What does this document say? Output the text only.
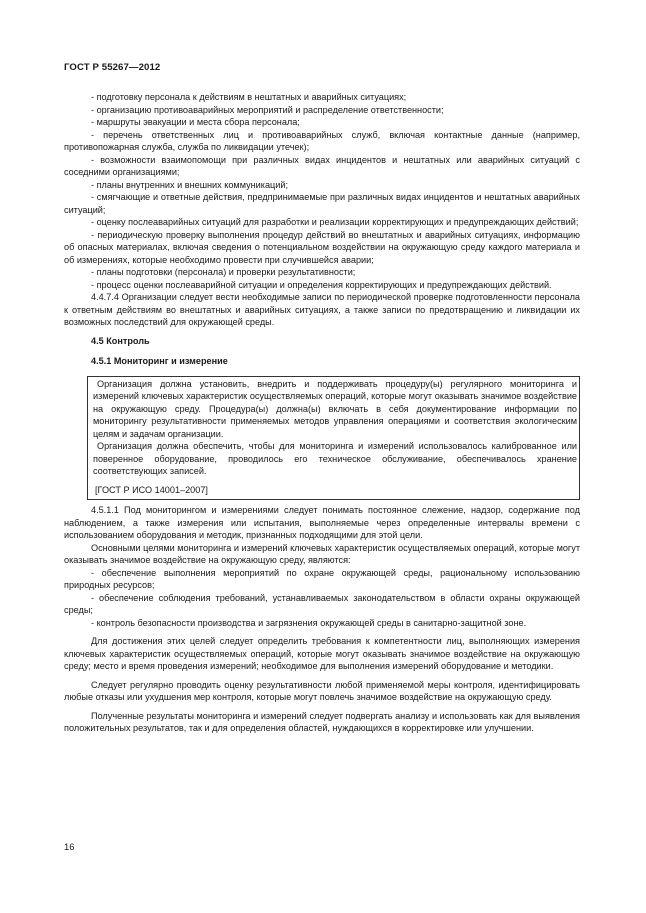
ГОСТ Р 55267—2012

- подготовку персонала к действиям в нештатных и аварийных ситуациях;

- организацию противоаварийных мероприятий и распределение ответственности;

- маршруты эвакуации и места сбора персонала;

- перечень ответственных лиц и противоаварийных служб, включая контактные данные (например, противопожарная служба, служба по ликвидации утечек);

- возможности взаимопомощи при различных видах инцидентов и нештатных или аварийных ситуаций с соседними организациями;

- планы внутренних и внешних коммуникаций;

- смягчающие и ответные действия, предпринимаемые при различных видах инцидентов и нештатных аварийных ситуаций;

- оценку послеаварийных ситуаций для разработки и реализации корректирующих и предупреждающих действий;

- периодическую проверку выполнения процедур действий во внештатных и аварийных ситуациях, информацию об опасных материалах, включая сведения о потенциальном воздействии на окружающую среду каждого материала и об измерениях, которые необходимо провести при случившейся аварии;

- планы подготовки (персонала) и проверки результативности;

- процесс оценки послеаварийной ситуации и определения корректирующих и предупреждающих действий.

4.4.7.4 Организации следует вести необходимые записи по периодической проверке подготовленности персонала к ответным действиям во внештатных и аварийных ситуациях, а также записи по предотвращению и ликвидации их возможных последствий для окружающей среды.

4.5 Контроль

4.5.1 Мониторинг и измерение

Организация должна установить, внедрить и поддерживать процедуру(ы) регулярного мониторинга и измерений ключевых характеристик осуществляемых операций, которые могут оказывать значимое воздействие на окружающую среду. Процедура(ы) должна(ы) включать в себя документирование информации по мониторингу результативности применяемых методов управления операциями и соответствия экологическим целям и задачам организации.

Организация должна обеспечить, чтобы для мониторинга и измерений использовалось калиброванное или поверенное оборудование, проводилось его техническое обслуживание, обеспечивалось хранение соответствующих записей.

[ГОСТ Р ИСО 14001–2007]

4.5.1.1 Под мониторингом и измерениями следует понимать постоянное слежение, надзор, содержание под наблюдением, а также измерения или испытания, выполняемые через определенные интервалы времени с использованием оборудования и методик, признанных подходящими для этой цели.

Основными целями мониторинга и измерений ключевых характеристик осуществляемых операций, которые могут оказывать значимое воздействие на окружающую среду, являются:

- обеспечение выполнения мероприятий по охране окружающей среды, рациональному использованию природных ресурсов;

- обеспечение соблюдения требований, устанавливаемых законодательством в области охраны окружающей среды;

- контроль безопасности производства и загрязнения окружающей среды в санитарно-защитной зоне.

Для достижения этих целей следует определить требования к компетентности лиц, выполняющих измерения ключевых характеристик осуществляемых операций, которые могут оказывать значимое воздействие на окружающую среду; место и время проведения измерений; необходимое для выполнения измерений оборудование и методики.

Следует регулярно проводить оценку результативности любой применяемой меры контроля, идентифицировать любые отказы или ухудшения мер контроля, которые могут повлечь значимое воздействие на окружающую среду.

Полученные результаты мониторинга и измерений следует подвергать анализу и использовать как для выявления положительных результатов, так и для определения областей, нуждающихся в корректировке или улучшении.

16
